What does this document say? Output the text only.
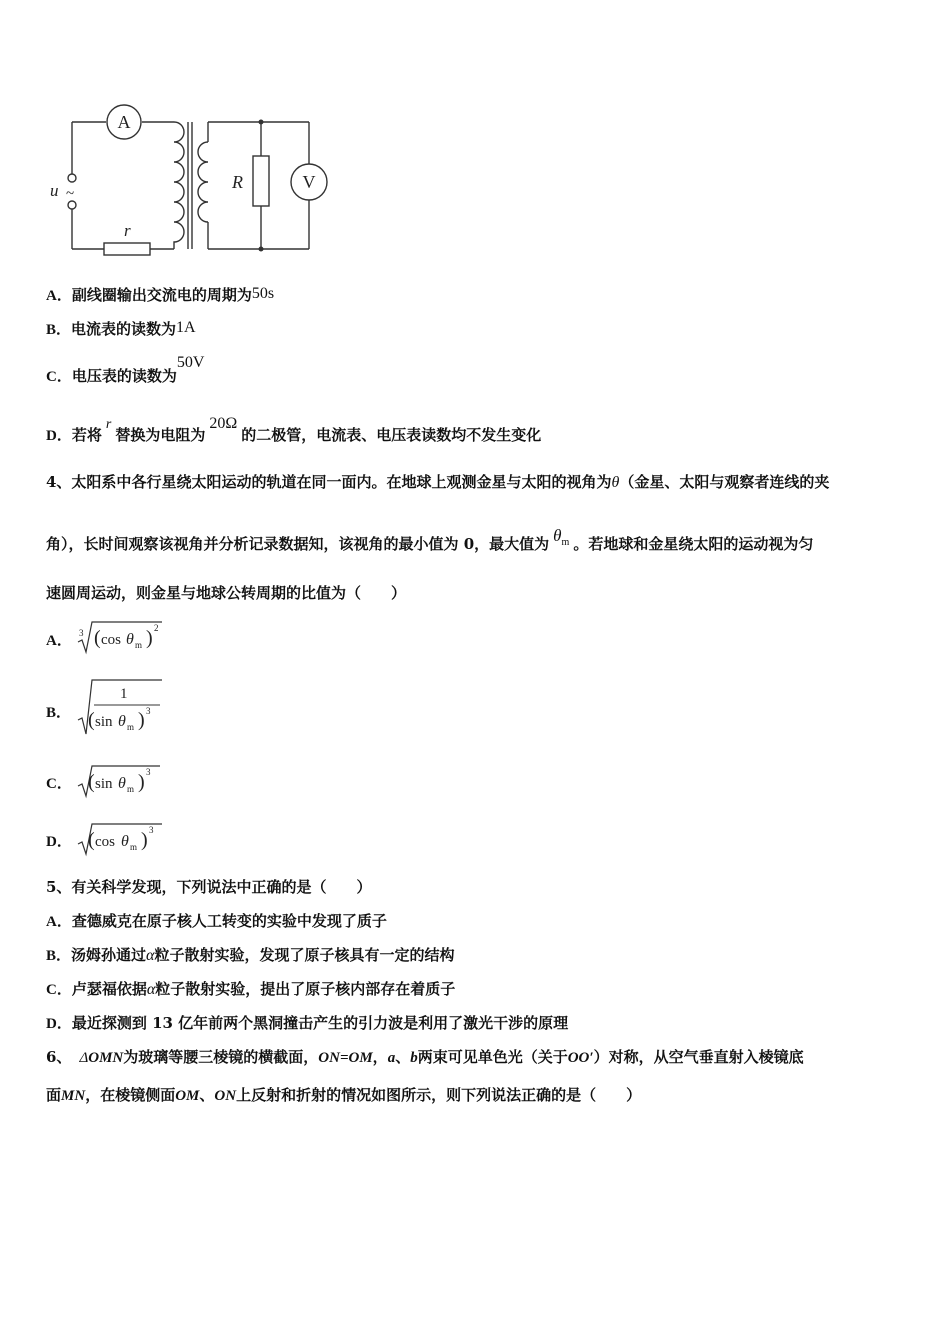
A
V
u ~
r
R
A．副线圈输出交流电的周期为50s
B．电流表的读数为1A
C．电压表的读数为50V
D．若将r替换为电阻为20Ω的二极管，电流表、电压表读数均不发生变化
4、太阳系中各行星绕太阳运动的轨道在同一面内。在地球上观测金星与太阳的视角为θ（金星、太阳与观察者连线的夹
角），长时间观察该视角并分析记录数据知，该视角的最小值为 0，最大值为 $\theta^m$ 。若地球和金星绕太阳的运动视为匀
速圆周运动，则金星与地球公转周期的比值为（　　）
A． 3 ( cos θ m ) 2
B．
1
( sin θ m ) 3
C． ( sin θ m ) 3
D． ( cos θ m ) 3
5、有关科学发现，下列说法中正确的是（　　）
A．查德威克在原子核人工转变的实验中发现了质子
B．汤姆孙通过α粒子散射实验，发现了原子核具有一定的结构
C．卢瑟福依据α粒子散射实验，提出了原子核内部存在着质子
D．最近探测到 13 亿年前两个黑洞撞击产生的引力波是利用了激光干涉的原理
6、 ΔOMN为玻璃等腰三棱镜的横截面，ON=OM，a、b两束可见单色光（关于OO′）对称，从空气垂直射入棱镜底
面MN，在棱镜侧面OM、ON上反射和折射的情况如图所示，则下列说法正确的是（　　）
